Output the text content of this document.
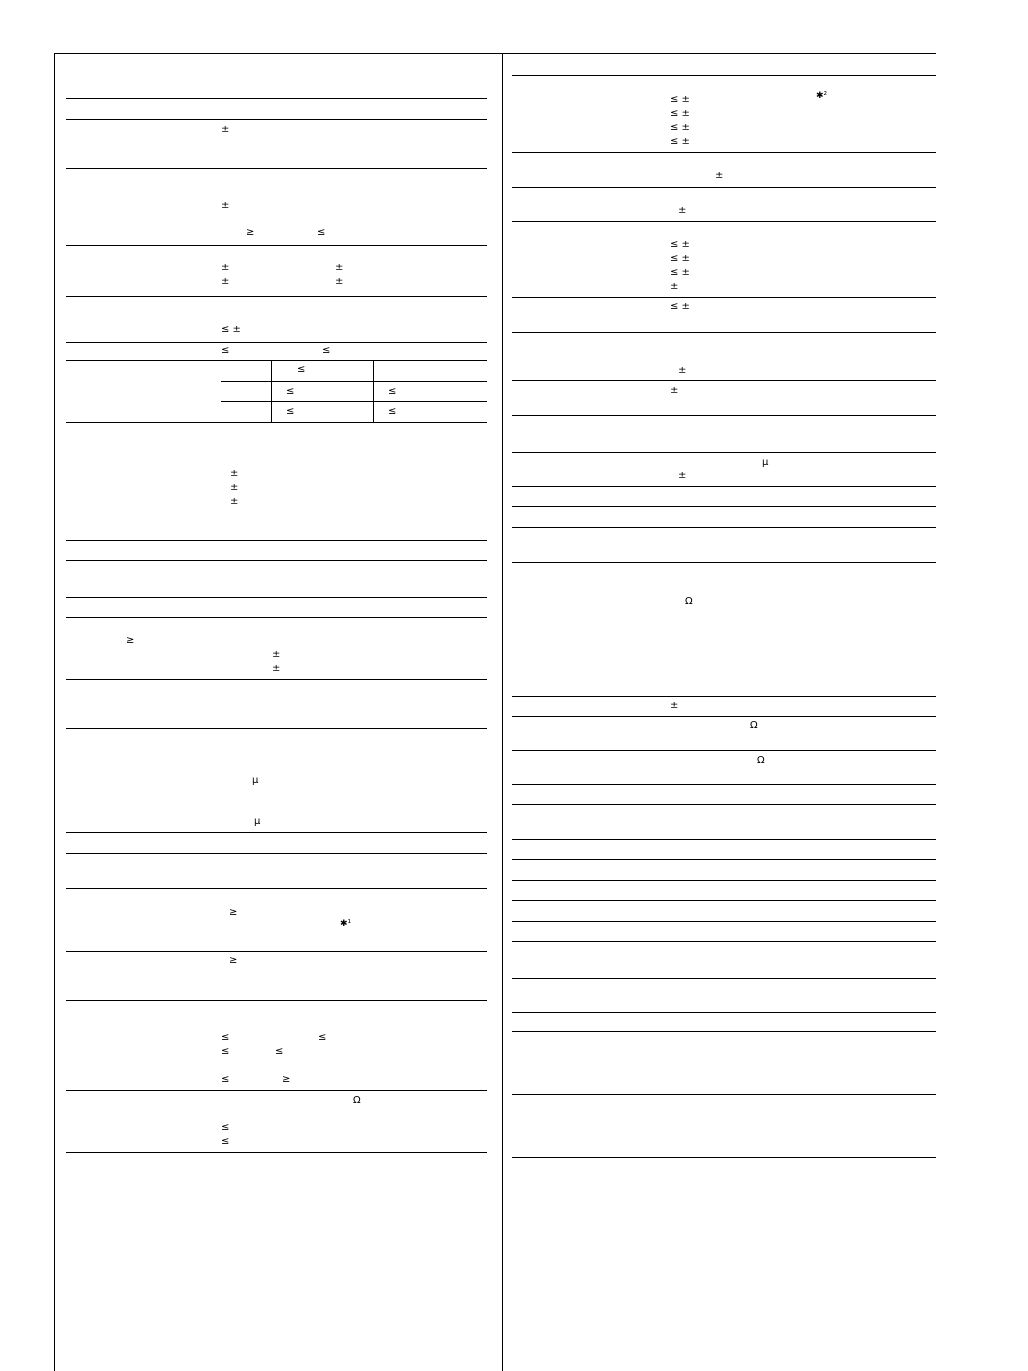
±
±
≥	≤
±	±
±	±
≤ ±
≤	≤
≤
≤	≤
≤	≤
±
±
±
≥
±
±
µ
µ
≥
✱¹
≥
≤	≤
≤	≤
≤	≥
Ω
≤
≤
✱²
≤ ±
≤ ±
≤ ±
≤ ±
±
±
≤ ±
≤ ±
≤ ±
±
≤ ±
±
±
µ
±
Ω
±
Ω
Ω
